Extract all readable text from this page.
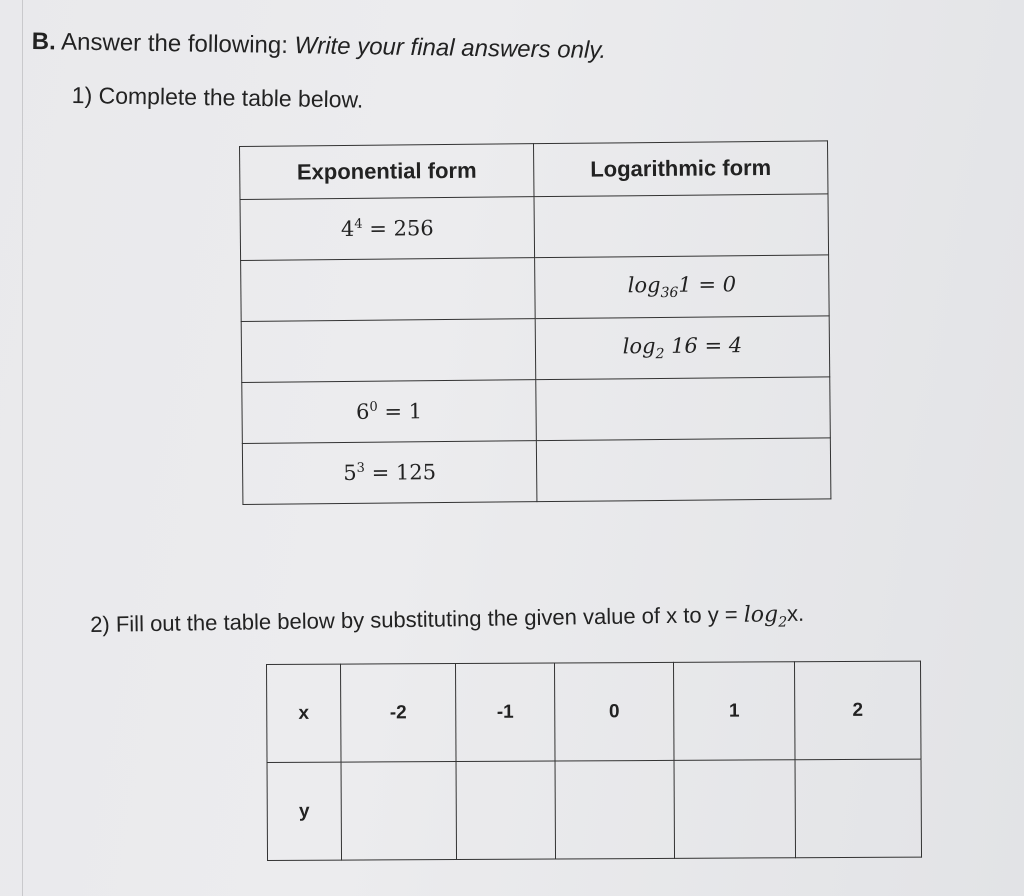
B. Answer the following: Write your final answers only.
1) Complete the table below.
Exponential form	Logarithmic form
$4^4 = 256$	
	$\log_{36}1 = 0$
	$\log_2 16 = 4$
$6^0 = 1$	
$5^3 = 125$	
2) Fill out the table below by substituting the given value of x to $y = \log_2x$.
x	-2	-1	0	1	2
y					
